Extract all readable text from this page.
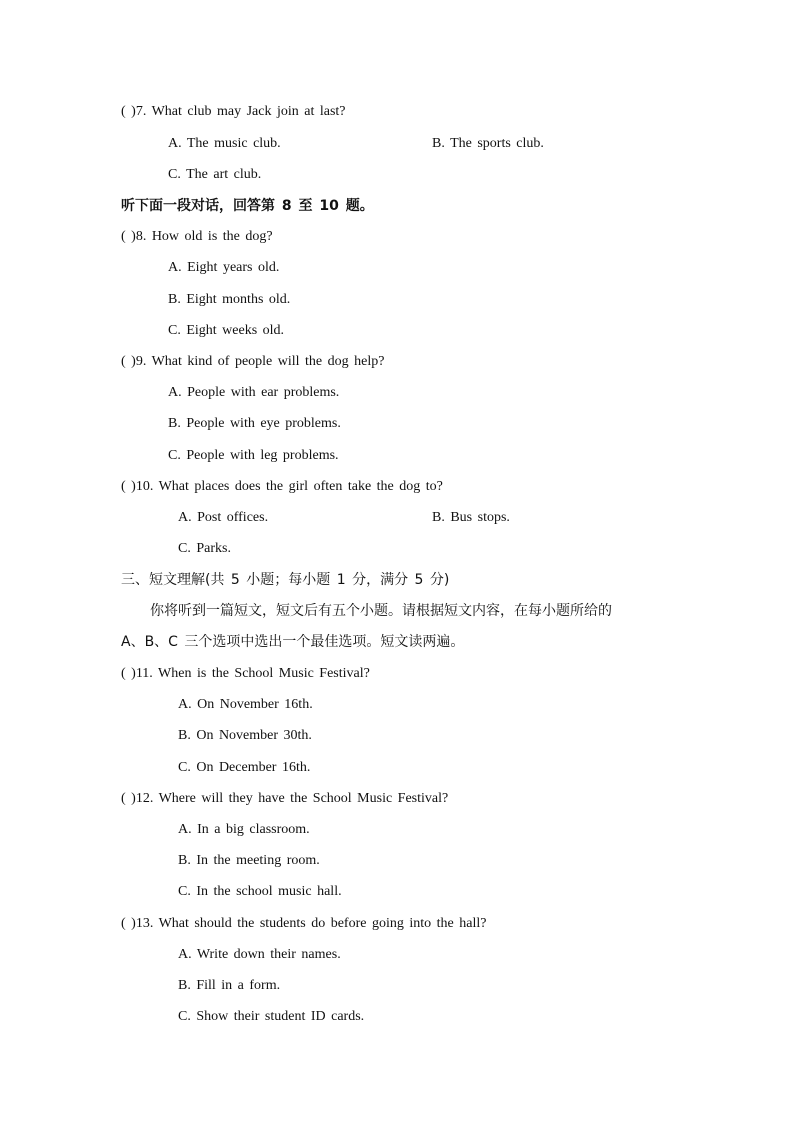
( )7. What club may Jack join at last?
A. The music club.	B. The sports club.
C. The art club.
听下面一段对话，回答第 8 至 10 题。
( )8. How old is the dog?
A. Eight years old.
B. Eight months old.
C. Eight weeks old.
( )9. What kind of people will the dog help?
A. People with ear problems.
B. People with eye problems.
C. People with leg problems.
( )10. What places does the girl often take the dog to?
A. Post offices.	B. Bus stops.
C. Parks.
三、短文理解(共 5 小题；每小题 1 分，满分 5 分)
你将听到一篇短文，短文后有五个小题。请根据短文内容，在每小题所给的
A、B、C 三个选项中选出一个最佳选项。短文读两遍。
( )11. When is the School Music Festival?
A. On November 16th.
B. On November 30th.
C. On December 16th.
( )12. Where will they have the School Music Festival?
A. In a big classroom.
B. In the meeting room.
C. In the school music hall.
( )13. What should the students do before going into the hall?
A. Write down their names.
B. Fill in a form.
C. Show their student ID cards.
